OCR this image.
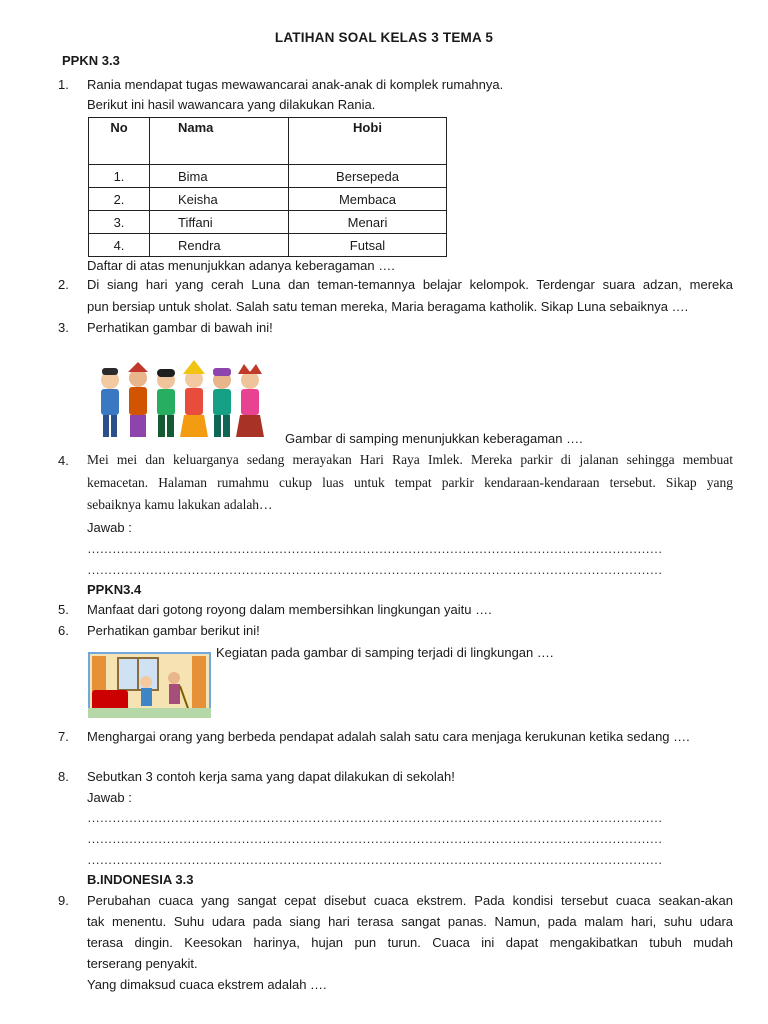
LATIHAN SOAL KELAS 3 TEMA 5
PPKN 3.3
1. Rania mendapat tugas mewawancarai anak-anak di komplek rumahnya.
Berikut ini hasil wawancara yang dilakukan Rania.
No	Nama	Hobi
1.	Bima	Bersepeda
2.	Keisha	Membaca
3.	Tiffani	Menari
4.	Rendra	Futsal
Daftar di atas menunjukkan adanya keberagaman ….
2. Di siang hari yang cerah Luna dan teman-temannya belajar kelompok. Terdengar suara adzan, mereka
pun bersiap untuk sholat. Salah satu teman mereka, Maria beragama katholik. Sikap Luna sebaiknya ….
3. Perhatikan gambar di bawah ini!
Gambar di samping menunjukkan keberagaman ….
4. Mei mei dan keluarganya sedang merayakan Hari Raya Imlek. Mereka parkir di jalanan sehingga membuat
kemacetan. Halaman rumahmu cukup luas untuk tempat parkir kendaraan-kendaraan tersebut. Sikap yang
sebaiknya kamu lakukan adalah…
Jawab :
…………………………………………………………………………………………………………………………
…………………………………………………………………………………………………………………………
PPKN3.4
5. Manfaat dari gotong royong dalam membersihkan lingkungan yaitu ….
6. Perhatikan gambar berikut ini!
Kegiatan pada gambar di samping terjadi di lingkungan ….
7. Menghargai orang yang berbeda pendapat adalah salah satu cara menjaga kerukunan ketika sedang ….
8. Sebutkan 3 contoh kerja sama yang dapat dilakukan di sekolah!
Jawab :
…………………………………………………………………………………………………………………………
…………………………………………………………………………………………………………………………
…………………………………………………………………………………………………………………………
B.INDONESIA 3.3
9. Perubahan cuaca yang sangat cepat disebut cuaca ekstrem. Pada kondisi tersebut cuaca seakan-akan
tak menentu. Suhu udara pada siang hari terasa sangat panas. Namun, pada malam hari, suhu udara
terasa dingin. Keesokan harinya, hujan pun turun. Cuaca ini dapat mengakibatkan tubuh mudah
terserang penyakit.
Yang dimaksud cuaca ekstrem adalah ….
